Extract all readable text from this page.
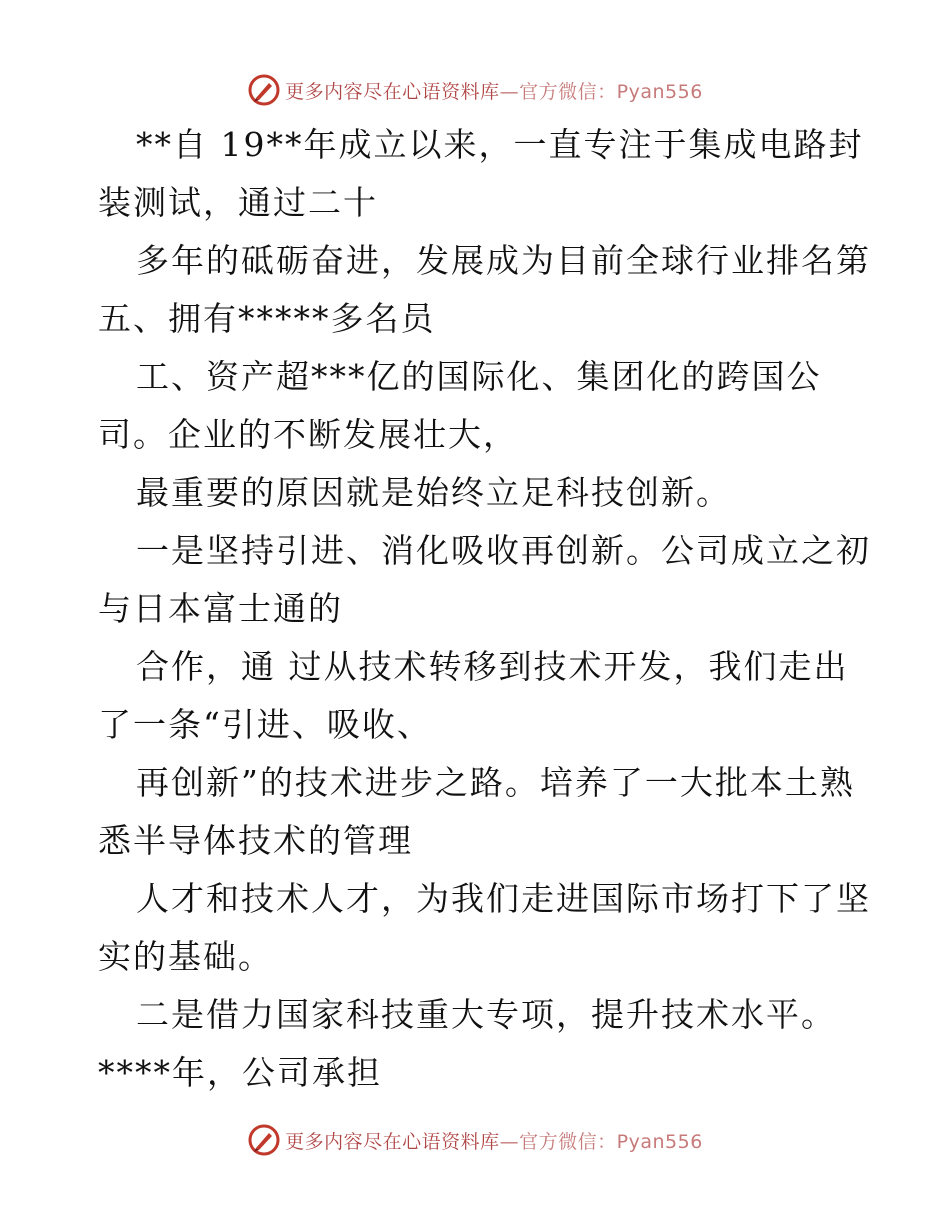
更多内容尽在心语资料库—官方微信：Pyan556
**自 19**年成立以来，一直专注于集成电路封
装测试，通过二十
多年的砥砺奋进，发展成为目前全球行业排名第
五、拥有*****多名员
工、资产超***亿的国际化、集团化的跨国公
司。企业的不断发展壮大，
最重要的原因就是始终立足科技创新。
一是坚持引进、消化吸收再创新。公司成立之初
与日本富士通的
合作，通 过从技术转移到技术开发，我们走出
了一条“引进、吸收、
再创新”的技术进步之路。培养了一大批本土熟
悉半导体技术的管理
人才和技术人才，为我们走进国际市场打下了坚
实的基础。
二是借力国家科技重大专项，提升技术水平。
****年，公司承担
更多内容尽在心语资料库—官方微信：Pyan556
